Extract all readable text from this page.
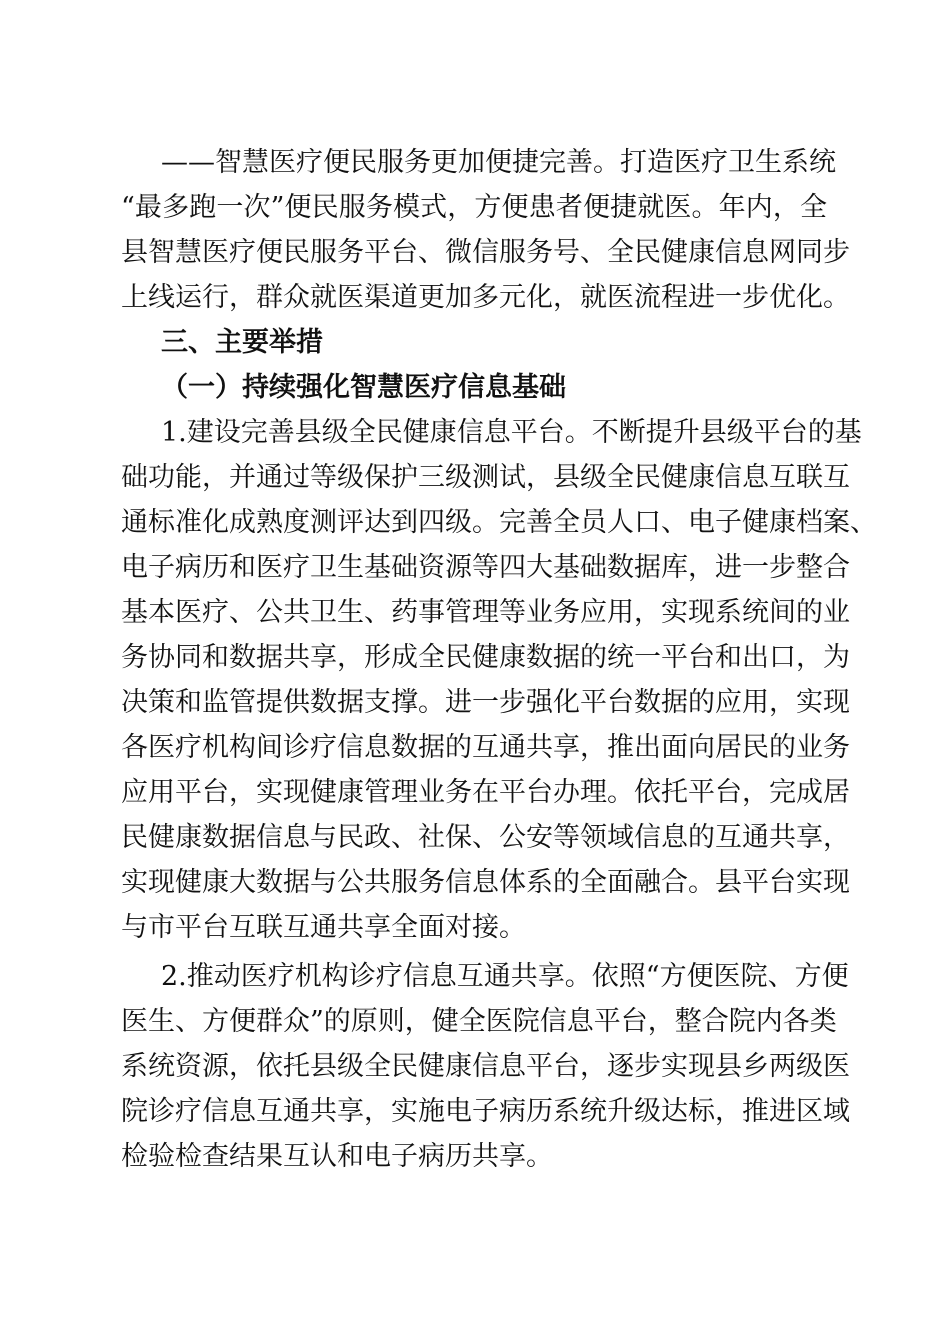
——智慧医疗便民服务更加便捷完善。打造医疗卫生系统
“最多跑一次”便民服务模式，方便患者便捷就医。年内，全
县智慧医疗便民服务平台、微信服务号、全民健康信息网同步
上线运行，群众就医渠道更加多元化，就医流程进一步优化。
三、主要举措
（一）持续强化智慧医疗信息基础
1.建设完善县级全民健康信息平台。不断提升县级平台的基
础功能，并通过等级保护三级测试，县级全民健康信息互联互
通标准化成熟度测评达到四级。完善全员人口、电子健康档案、
电子病历和医疗卫生基础资源等四大基础数据库，进一步整合
基本医疗、公共卫生、药事管理等业务应用，实现系统间的业
务协同和数据共享，形成全民健康数据的统一平台和出口，为
决策和监管提供数据支撑。进一步强化平台数据的应用，实现
各医疗机构间诊疗信息数据的互通共享，推出面向居民的业务
应用平台，实现健康管理业务在平台办理。依托平台，完成居
民健康数据信息与民政、社保、公安等领域信息的互通共享，
实现健康大数据与公共服务信息体系的全面融合。县平台实现
与市平台互联互通共享全面对接。
2.推动医疗机构诊疗信息互通共享。依照“方便医院、方便
医生、方便群众”的原则，健全医院信息平台，整合院内各类
系统资源，依托县级全民健康信息平台，逐步实现县乡两级医
院诊疗信息互通共享，实施电子病历系统升级达标，推进区域
检验检查结果互认和电子病历共享。
